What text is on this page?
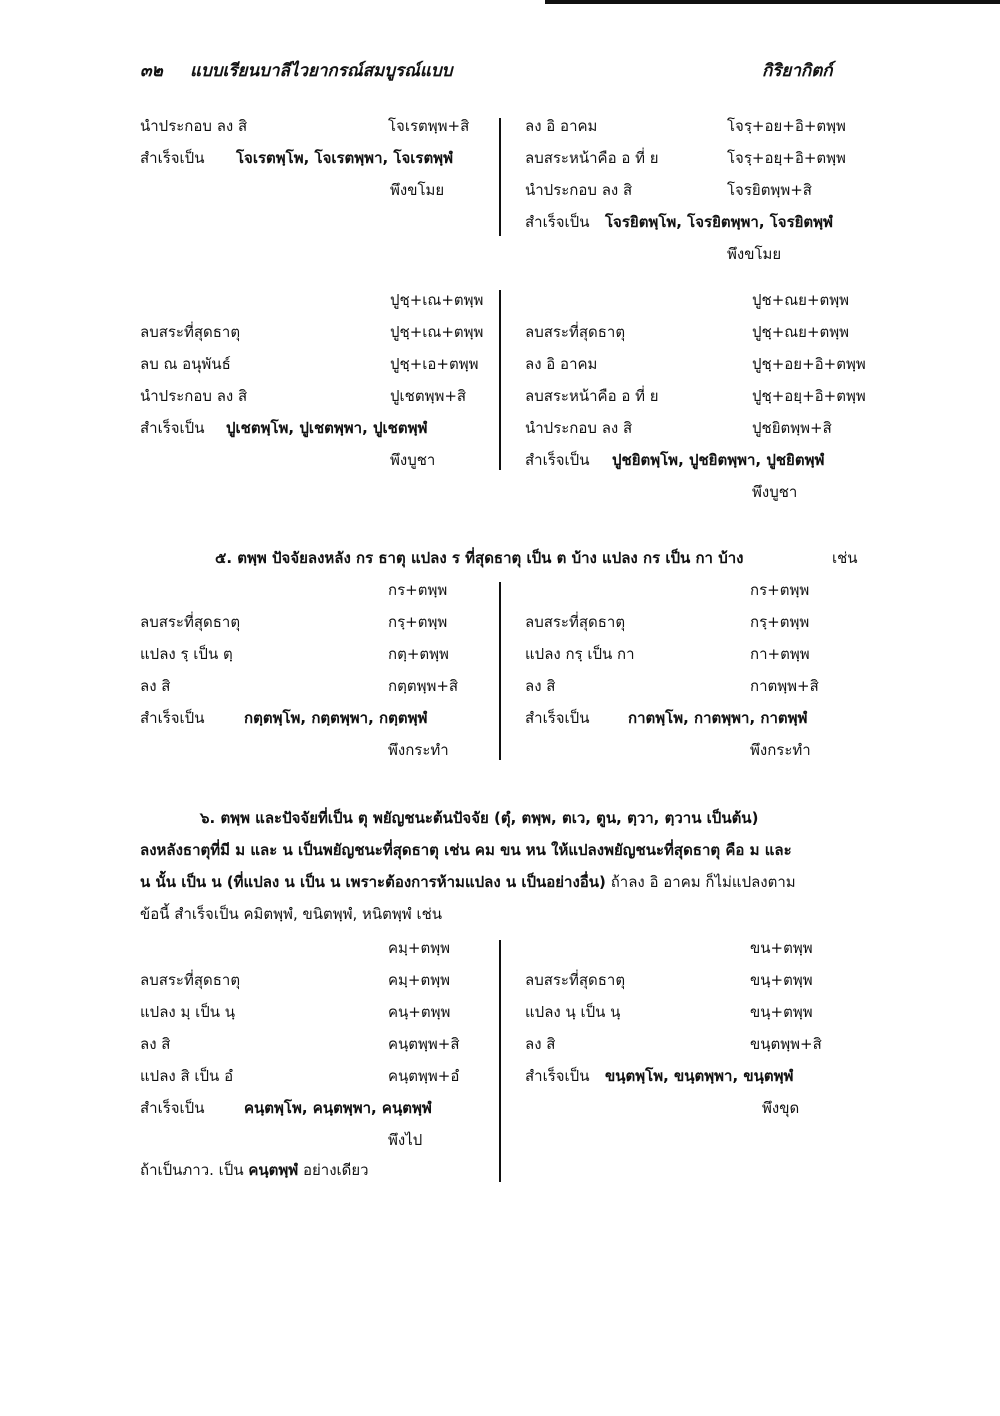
๓๒ แบบเรียนบาลีไวยากรณ์สมบูรณ์แบบ	กิริยากิตก์
นำประกอบ ลง สิ	โจเรตพฺพ+สิ
สำเร็จเป็น โจเรตพฺโพ, โจเรตพฺพา, โจเรตพฺพํ
พึงขโมย
ลง อิ อาคม	โจรฺ+อย+อิ+ตพฺพ
ลบสระหน้าคือ อ ที่ ย	โจรฺ+อยฺ+อิ+ตพฺพ
นำประกอบ ลง สิ	โจรยิตพฺพ+สิ
สำเร็จเป็น โจรยิตพฺโพ, โจรยิตพฺพา, โจรยิตพฺพํ
พึงขโมย
ปูชฺ+เณ+ตพฺพ
ลบสระที่สุดธาตุ	ปูชฺ+เณ+ตพฺพ
ลบ ณ อนุพันธ์	ปูชฺ+เอ+ตพฺพ
นำประกอบ ลง สิ	ปูเชตพฺพ+สิ
สำเร็จเป็น ปูเชตพฺโพ, ปูเชตพฺพา, ปูเชตพฺพํ
พึงบูชา
ปูช+ณย+ตพฺพ
ลบสระที่สุดธาตุ	ปูชฺ+ณย+ตพฺพ
ลง อิ อาคม	ปูชฺ+อย+อิ+ตพฺพ
ลบสระหน้าคือ อ ที่ ย	ปูชฺ+อยฺ+อิ+ตพฺพ
นำประกอบ ลง สิ	ปูชยิตพฺพ+สิ
สำเร็จเป็น ปูชยิตพฺโพ, ปูชยิตพฺพา, ปูชยิตพฺพํ
พึงบูชา
๕. ตพฺพ ปัจจัยลงหลัง กร ธาตุ แปลง ร ที่สุดธาตุ เป็น ต บ้าง แปลง กร เป็น กา บ้าง	เช่น
กร+ตพฺพ
ลบสระที่สุดธาตุ	กรฺ+ตพฺพ
แปลง รฺ เป็น ตฺ	กตฺ+ตพฺพ
ลง สิ	กตฺตพฺพ+สิ
สำเร็จเป็น	กตฺตพฺโพ, กตฺตพฺพา, กตฺตพฺพํ
พึงกระทำ
กร+ตพฺพ
ลบสระที่สุดธาตุ	กรฺ+ตพฺพ
แปลง กรฺ เป็น กา	กา+ตพฺพ
ลง สิ	กาตพฺพ+สิ
สำเร็จเป็น	กาตพฺโพ, กาตพฺพา, กาตพฺพํ
พึงกระทำ
๖. ตพฺพ และปัจจัยที่เป็น ตุ พยัญชนะต้นปัจจัย (ตุํ, ตพฺพ, ตเว, ตูน, ตฺวา, ตฺวาน เป็นต้น)
ลงหลังธาตุที่มี ม และ น เป็นพยัญชนะที่สุดธาตุ เช่น คม ขน หน ให้แปลงพยัญชนะที่สุดธาตุ คือ ม และ
น นั้น เป็น น (ที่แปลง น เป็น น เพราะต้องการห้ามแปลง น เป็นอย่างอื่น) ถ้าลง อิ อาคม ก็ไม่แปลงตาม
ข้อนี้ สำเร็จเป็น คมิตพฺพํ, ขนิตพฺพํ, หนิตพฺพํ เช่น
คมฺ+ตพฺพ
ลบสระที่สุดธาตุ	คมฺ+ตพฺพ
แปลง มฺ เป็น นฺ	คนฺ+ตพฺพ
ลง สิ	คนฺตพฺพ+สิ
แปลง สิ เป็น อํ	คนฺตพฺพ+อํ
สำเร็จเป็น	คนฺตพฺโพ, คนฺตพฺพา, คนฺตพฺพํ
พึงไป
ถ้าเป็นภาว. เป็น คนฺตพฺพํ อย่างเดียว
ขน+ตพฺพ
ลบสระที่สุดธาตุ	ขนฺ+ตพฺพ
แปลง นฺ เป็น นฺ	ขนฺ+ตพฺพ
ลง สิ	ขนฺตพฺพ+สิ
สำเร็จเป็น ขนฺตพฺโพ, ขนฺตพฺพา, ขนฺตพฺพํ
พึงขุด
